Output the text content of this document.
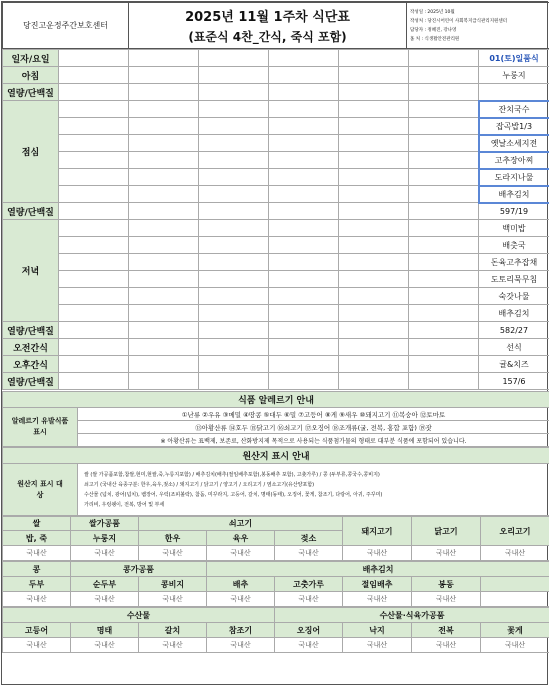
당진고운정주간보호센터	
2025년 11월 1주차 식단표
(표준식 4찬_간식, 죽식 포함)

작성일 : 2025년 10월
작성처 : 당진시어린이 사회복지급식관리지원센터
담당자 : 정혜진, 강나영
홈 처 : 식생활안전관리원
일자/요일							01(토)일품식
아침							누룽지
열량/단백질							
점심							잔치국수
							잡곡밥1/3
							옛날소세지전
							고추장아찌
							도라지나물
							배추김치
열량/단백질							597/19
저녁							백미밥
							배춧국
							돈육고추잡채
							도토리묵무침
							숙갓나물
							배추김치
열량/단백질							582/27
오전간식							선식
오후간식							귤&치즈
열량/단백질							157/6
식품 알레르기 안내
알레르기 유발식품 표시	①난류 ②우유 ③메밀 ④땅콩 ⑤대두 ⑥밀 ⑦고등어 ⑧게 ⑨새우 ⑩돼지고기 ⑪복숭아 ⑫토마토
⑬아황산류 ⑭호두 ⑮닭고기 ⑯쇠고기 ⑰오징어 ⑱조개류(굴, 전복, 홍합 포함) ⑲잣
※ 아황산류는 표백제, 보존료, 산화방지제 목적으로 사용되는 식품첨가물의 형태로 대부분 식품에 포함되어 있습니다.
원산지 표시 안내
원산지 표시 대상	
쌀 (쌀 가공품포함,찹쌀,현미,현쌀,죽,누룽지포함) / 배추김치(배추(절임배추포함),봉동배추 포함), 고춧가루) / 콩 (두부류,콩국수,콩비지)
쇠고기 (국내산 육종구분: 한우,육우,젖소) / 돼지고기 / 닭고기 / 양고기 / 오리고기 / 염소고기(유산양포함)
수산물 (넙치, 광어(넙치), 뱀장어, 우럭(조피볼락), 참돔, 미꾸라지, 고등어, 갈치, 명태(동태), 오징어, 꽃게, 참조기, 다랑어, 아귀, 주꾸미)
가리비, 우렁쉥이, 전복, 방어 및 부세
쌀	쌀가공품	쇠고기			돼지고기	닭고기	오리고기
밥, 죽	누룽지	한우	육우	젖소			
국내산	국내산	국내산	국내산	국내산	국내산	국내산	국내산
콩	콩가공품		배추김치				
두부	순두부	콩비지	배추	고춧가루	절임배추	봉동	
국내산	국내산	국내산	국내산	국내산	국내산	국내산	
수산물				수산물·식육가공품			
고등어	명태	갈치	참조기	오징어	낙지	전복	꽃게
국내산	국내산	국내산	국내산	국내산	국내산	국내산	국내산
